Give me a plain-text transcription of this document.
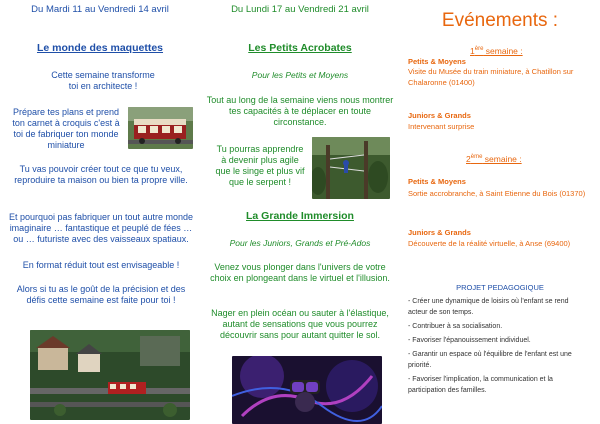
Du Mardi 11 au Vendredi 14 avril
Le monde des maquettes
Cette semaine transforme toi en architecte !
Prépare tes plans et prend ton carnet à croquis c'est à toi de fabriquer ton monde miniature
Tu vas pouvoir créer tout ce que tu veux, reproduire ta maison ou bien ta propre ville.
Et pourquoi pas fabriquer un tout autre monde imaginaire … fantastique et peuplé de fées … ou … futuriste avec des vaisseaux spatiaux.
En format réduit tout est envisageable !
Alors si tu as le goût de la précision et des défis cette semaine est faite pour toi !
Du Lundi 17 au Vendredi 21 avril
Les Petits Acrobates
Pour les Petits et Moyens
Tout au long de la semaine viens nous montrer tes capacités à te déplacer en toute circonstance.
Tu pourras apprendre à devenir plus agile que le singe et plus vif que le serpent !
La Grande Immersion
Pour les Juniors, Grands et Pré-Ados
Venez vous plonger dans l'univers de votre choix en plongeant dans le virtuel et l'illusion.
Nager en plein océan ou sauter à l'élastique, autant de sensations que vous pourrez découvrir sans pour autant quitter le sol.
Evénements :
1ère semaine :
Petits & Moyens
Visite du Musée du train miniature, à Chatillon sur Chalaronne (01400)
Juniors & Grands
Intervenant surprise
2ème semaine :
Petits & Moyens
Sortie accrobranche, à Saint Etienne du Bois (01370)
Juniors & Grands
Découverte de la réalité virtuelle, à Anse (69400)
PROJET PEDAGOGIQUE
- Créer une dynamique de loisirs où l'enfant se rend acteur de son temps.
- Contribuer à sa socialisation.
- Favoriser l'épanouissement individuel.
- Garantir un espace où l'équilibre de l'enfant est une priorité.
- Favoriser l'implication, la communication et la participation des familles.
